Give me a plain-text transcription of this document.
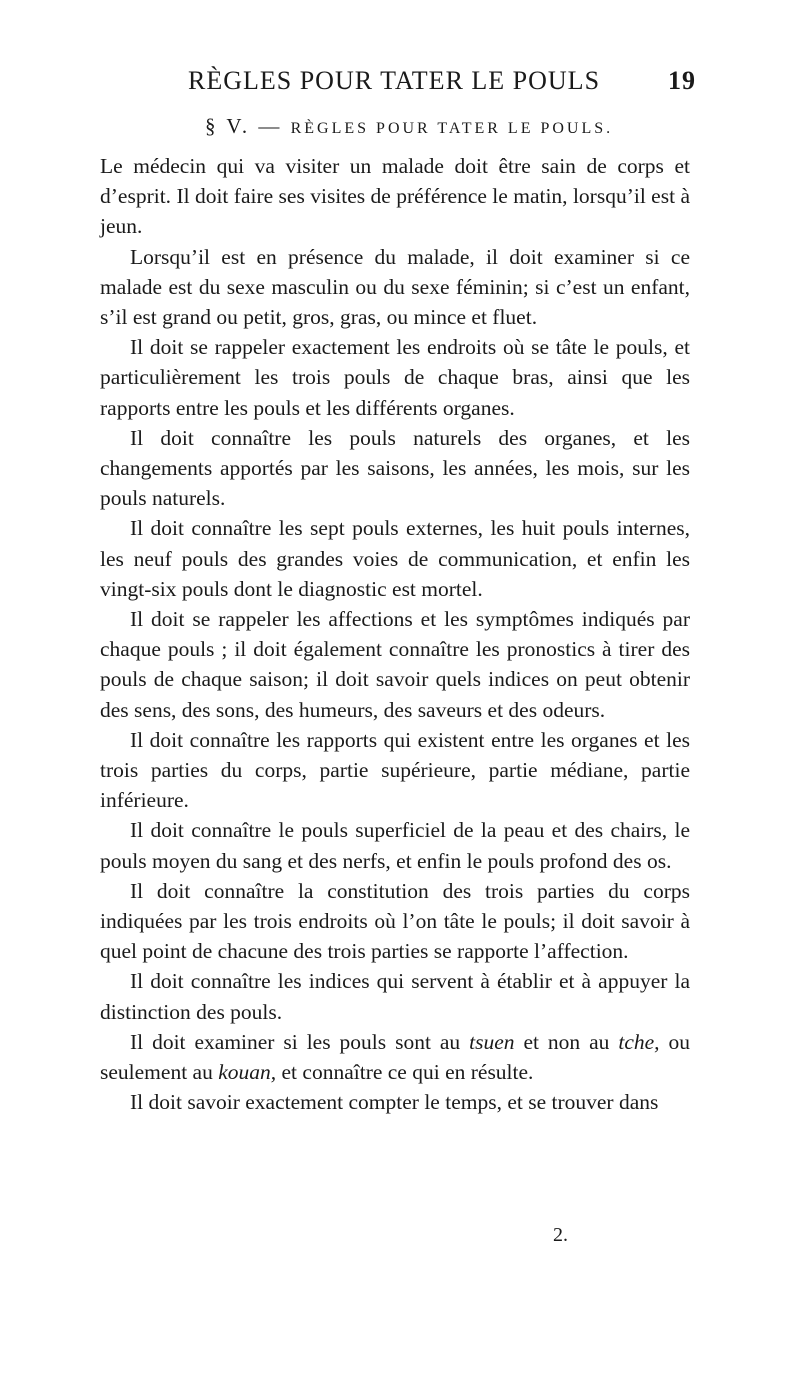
RÈGLES POUR TATER LE POULS	19
§ V. — RÈGLES POUR TATER LE POULS.

Le médecin qui va visiter un malade doit être sain de corps et d’esprit. Il doit faire ses visites de préférence le matin, lorsqu’il est à jeun.

Lorsqu’il est en présence du malade, il doit examiner si ce malade est du sexe masculin ou du sexe féminin; si c’est un enfant, s’il est grand ou petit, gros, gras, ou mince et fluet.

Il doit se rappeler exactement les endroits où se tâte le pouls, et particulièrement les trois pouls de chaque bras, ainsi que les rapports entre les pouls et les différents organes.

Il doit connaître les pouls naturels des organes, et les changements apportés par les saisons, les années, les mois, sur les pouls naturels.

Il doit connaître les sept pouls externes, les huit pouls internes, les neuf pouls des grandes voies de communication, et enfin les vingt-six pouls dont le diagnostic est mortel.

Il doit se rappeler les affections et les symptômes indiqués par chaque pouls ; il doit également connaître les pronostics à tirer des pouls de chaque saison; il doit savoir quels indices on peut obtenir des sens, des sons, des humeurs, des saveurs et des odeurs.

Il doit connaître les rapports qui existent entre les organes et les trois parties du corps, partie supérieure, partie médiane, partie inférieure.

Il doit connaître le pouls superficiel de la peau et des chairs, le pouls moyen du sang et des nerfs, et enfin le pouls profond des os.

Il doit connaître la constitution des trois parties du corps indiquées par les trois endroits où l’on tâte le pouls; il doit savoir à quel point de chacune des trois parties se rapporte l’affection.

Il doit connaître les indices qui servent à établir et à appuyer la distinction des pouls.

Il doit examiner si les pouls sont au tsuen et non au tche, ou seulement au kouan, et connaître ce qui en résulte.

Il doit savoir exactement compter le temps, et se trouver dans

2.
